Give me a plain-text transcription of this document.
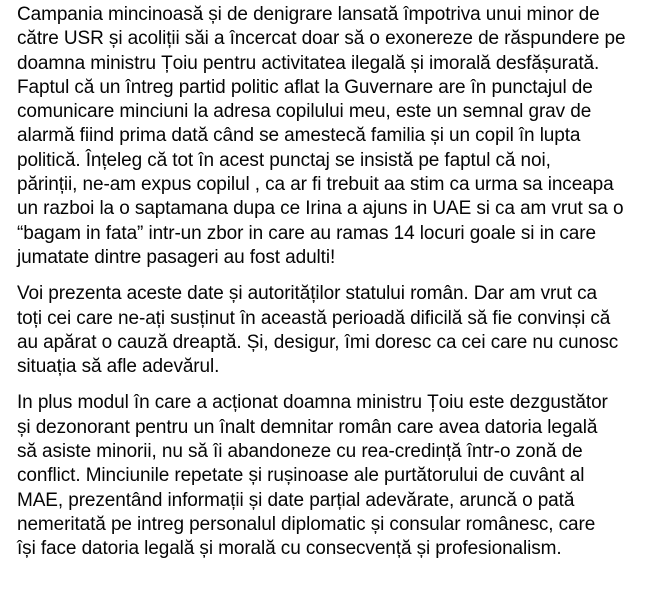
Campania mincinoasă și de denigrare lansată împotriva unui minor de
către USR și acoliții săi a încercat doar să o exonereze de răspundere pe
doamna ministru Țoiu pentru activitatea ilegală și imorală desfășurată.
Faptul că un întreg partid politic aflat la Guvernare are în punctajul de
comunicare minciuni la adresa copilului meu, este un semnal grav de
alarmă fiind prima dată când se amestecă familia și un copil în lupta
politică. Înțeleg că tot în acest punctaj se insistă pe faptul că noi,
părinții, ne-am expus copilul , ca ar fi trebuit aa stim ca urma sa inceapa
un razboi la o saptamana dupa ce Irina a ajuns in UAE si ca am vrut sa o
“bagam in fata” intr-un zbor in care au ramas 14 locuri goale si in care
jumatate dintre pasageri au fost adulti!

Voi prezenta aceste date și autorităților statului român. Dar am vrut ca
toți cei care ne-ați susținut în această perioadă dificilă să fie convinși că
au apărat o cauză dreaptă. Și, desigur, îmi doresc ca cei care nu cunosc
situația să afle adevărul.

In plus modul în care a acționat doamna ministru Țoiu este dezgustător
și dezonorant pentru un înalt demnitar român care avea datoria legală
să asiste minorii, nu să îi abandoneze cu rea-credință într-o zonă de
conflict. Minciunile repetate și rușinoase ale purtătorului de cuvânt al
MAE, prezentând informații și date parțial adevărate, aruncă o pată
nemeritată pe intreg personalul diplomatic și consular românesc, care
își face datoria legală și morală cu consecvență și profesionalism.
